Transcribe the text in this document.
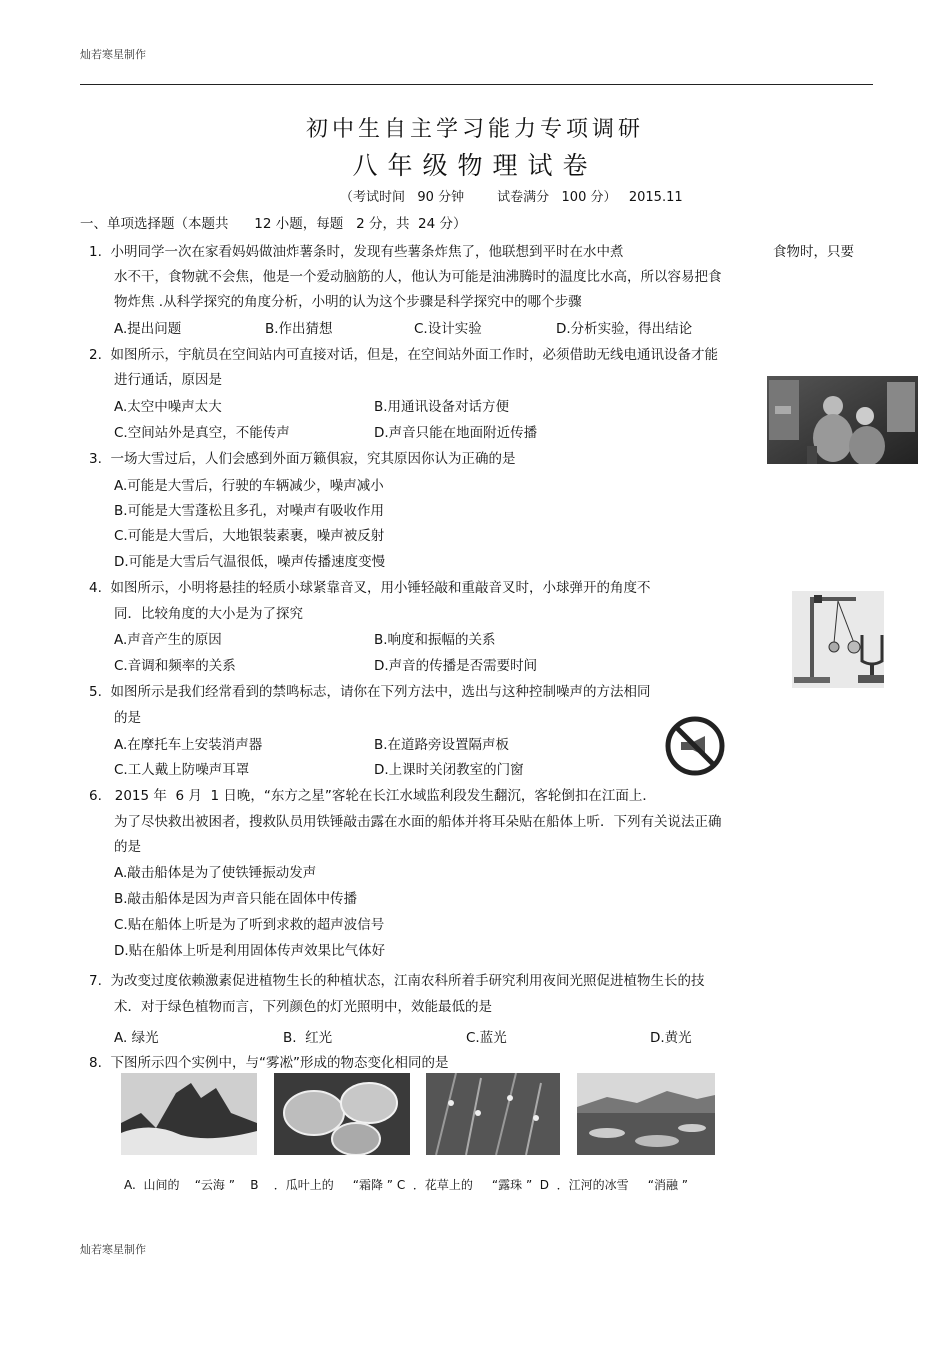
灿若寒星制作
初中生自主学习能力专项调研
八年级物理试卷
（考试时间   90 分钟        试卷满分   100 分）   2015.11
一、单项选择题（本题共      12 小题，每题   2 分，共  24 分）
1.  小明同学一次在家看妈妈做油炸薯条时，发现有些薯条炸焦了，他联想到平时在水中煮	食物时，只要
水不干，食物就不会焦，他是一个爱动脑筋的人，他认为可能是油沸腾时的温度比水高，所以容易把食
物炸焦 .从科学探究的角度分析，小明的认为这个步骤是科学探究中的哪个步骤
A.提出问题	B.作出猜想	C.设计实验	D.分析实验，得出结论
2.  如图所示，宇航员在空间站内可直接对话，但是，在空间站外面工作时，必须借助无线电通讯设备才能
进行通话，原因是
A.太空中噪声太大	B.用通讯设备对话方便
C.空间站外是真空，不能传声	D.声音只能在地面附近传播
3.  一场大雪过后，人们会感到外面万籁俱寂，究其原因你认为正确的是
A.可能是大雪后，行驶的车辆减少，噪声减小
B.可能是大雪蓬松且多孔，对噪声有吸收作用
C.可能是大雪后，大地银装素裹，噪声被反射
D.可能是大雪后气温很低，噪声传播速度变慢
4.  如图所示，小明将悬挂的轻质小球紧靠音叉，用小锤轻敲和重敲音叉时，小球弹开的角度不
同．比较角度的大小是为了探究
A.声音产生的原因	B.响度和振幅的关系
C.音调和频率的关系	D.声音的传播是否需要时间
5.  如图所示是我们经常看到的禁鸣标志，请你在下列方法中，选出与这种控制噪声的方法相同
的是
A.在摩托车上安装消声器	B.在道路旁设置隔声板
C.工人戴上防噪声耳罩	D.上课时关闭教室的门窗
6.   2015 年  6 月  1 日晚，“东方之星”客轮在长江水域监利段发生翻沉，客轮倒扣在江面上．
为了尽快救出被困者，搜救队员用铁锤敲击露在水面的船体并将耳朵贴在船体上听．下列有关说法正确
的是
A.敲击船体是为了使铁锤振动发声
B.敲击船体是因为声音只能在固体中传播
C.贴在船体上听是为了听到求救的超声波信号
D.贴在船体上听是利用固体传声效果比气体好
7.  为改变过度依赖激素促进植物生长的种植状态，江南农科所着手研究利用夜间光照促进植物生长的技
术．对于绿色植物而言，下列颜色的灯光照明中，效能最低的是
A. 绿光	B.  红光	C.蓝光	D.黄光
8.  下图所示四个实例中，与“雾凇”形成的物态变化相同的是
A.  山间的    “云海 ”    B    ．瓜叶上的     “霜降 ” C  ．花草上的     “露珠 ”  D  ．江河的冰雪     “消融 ”
灿若寒星制作
